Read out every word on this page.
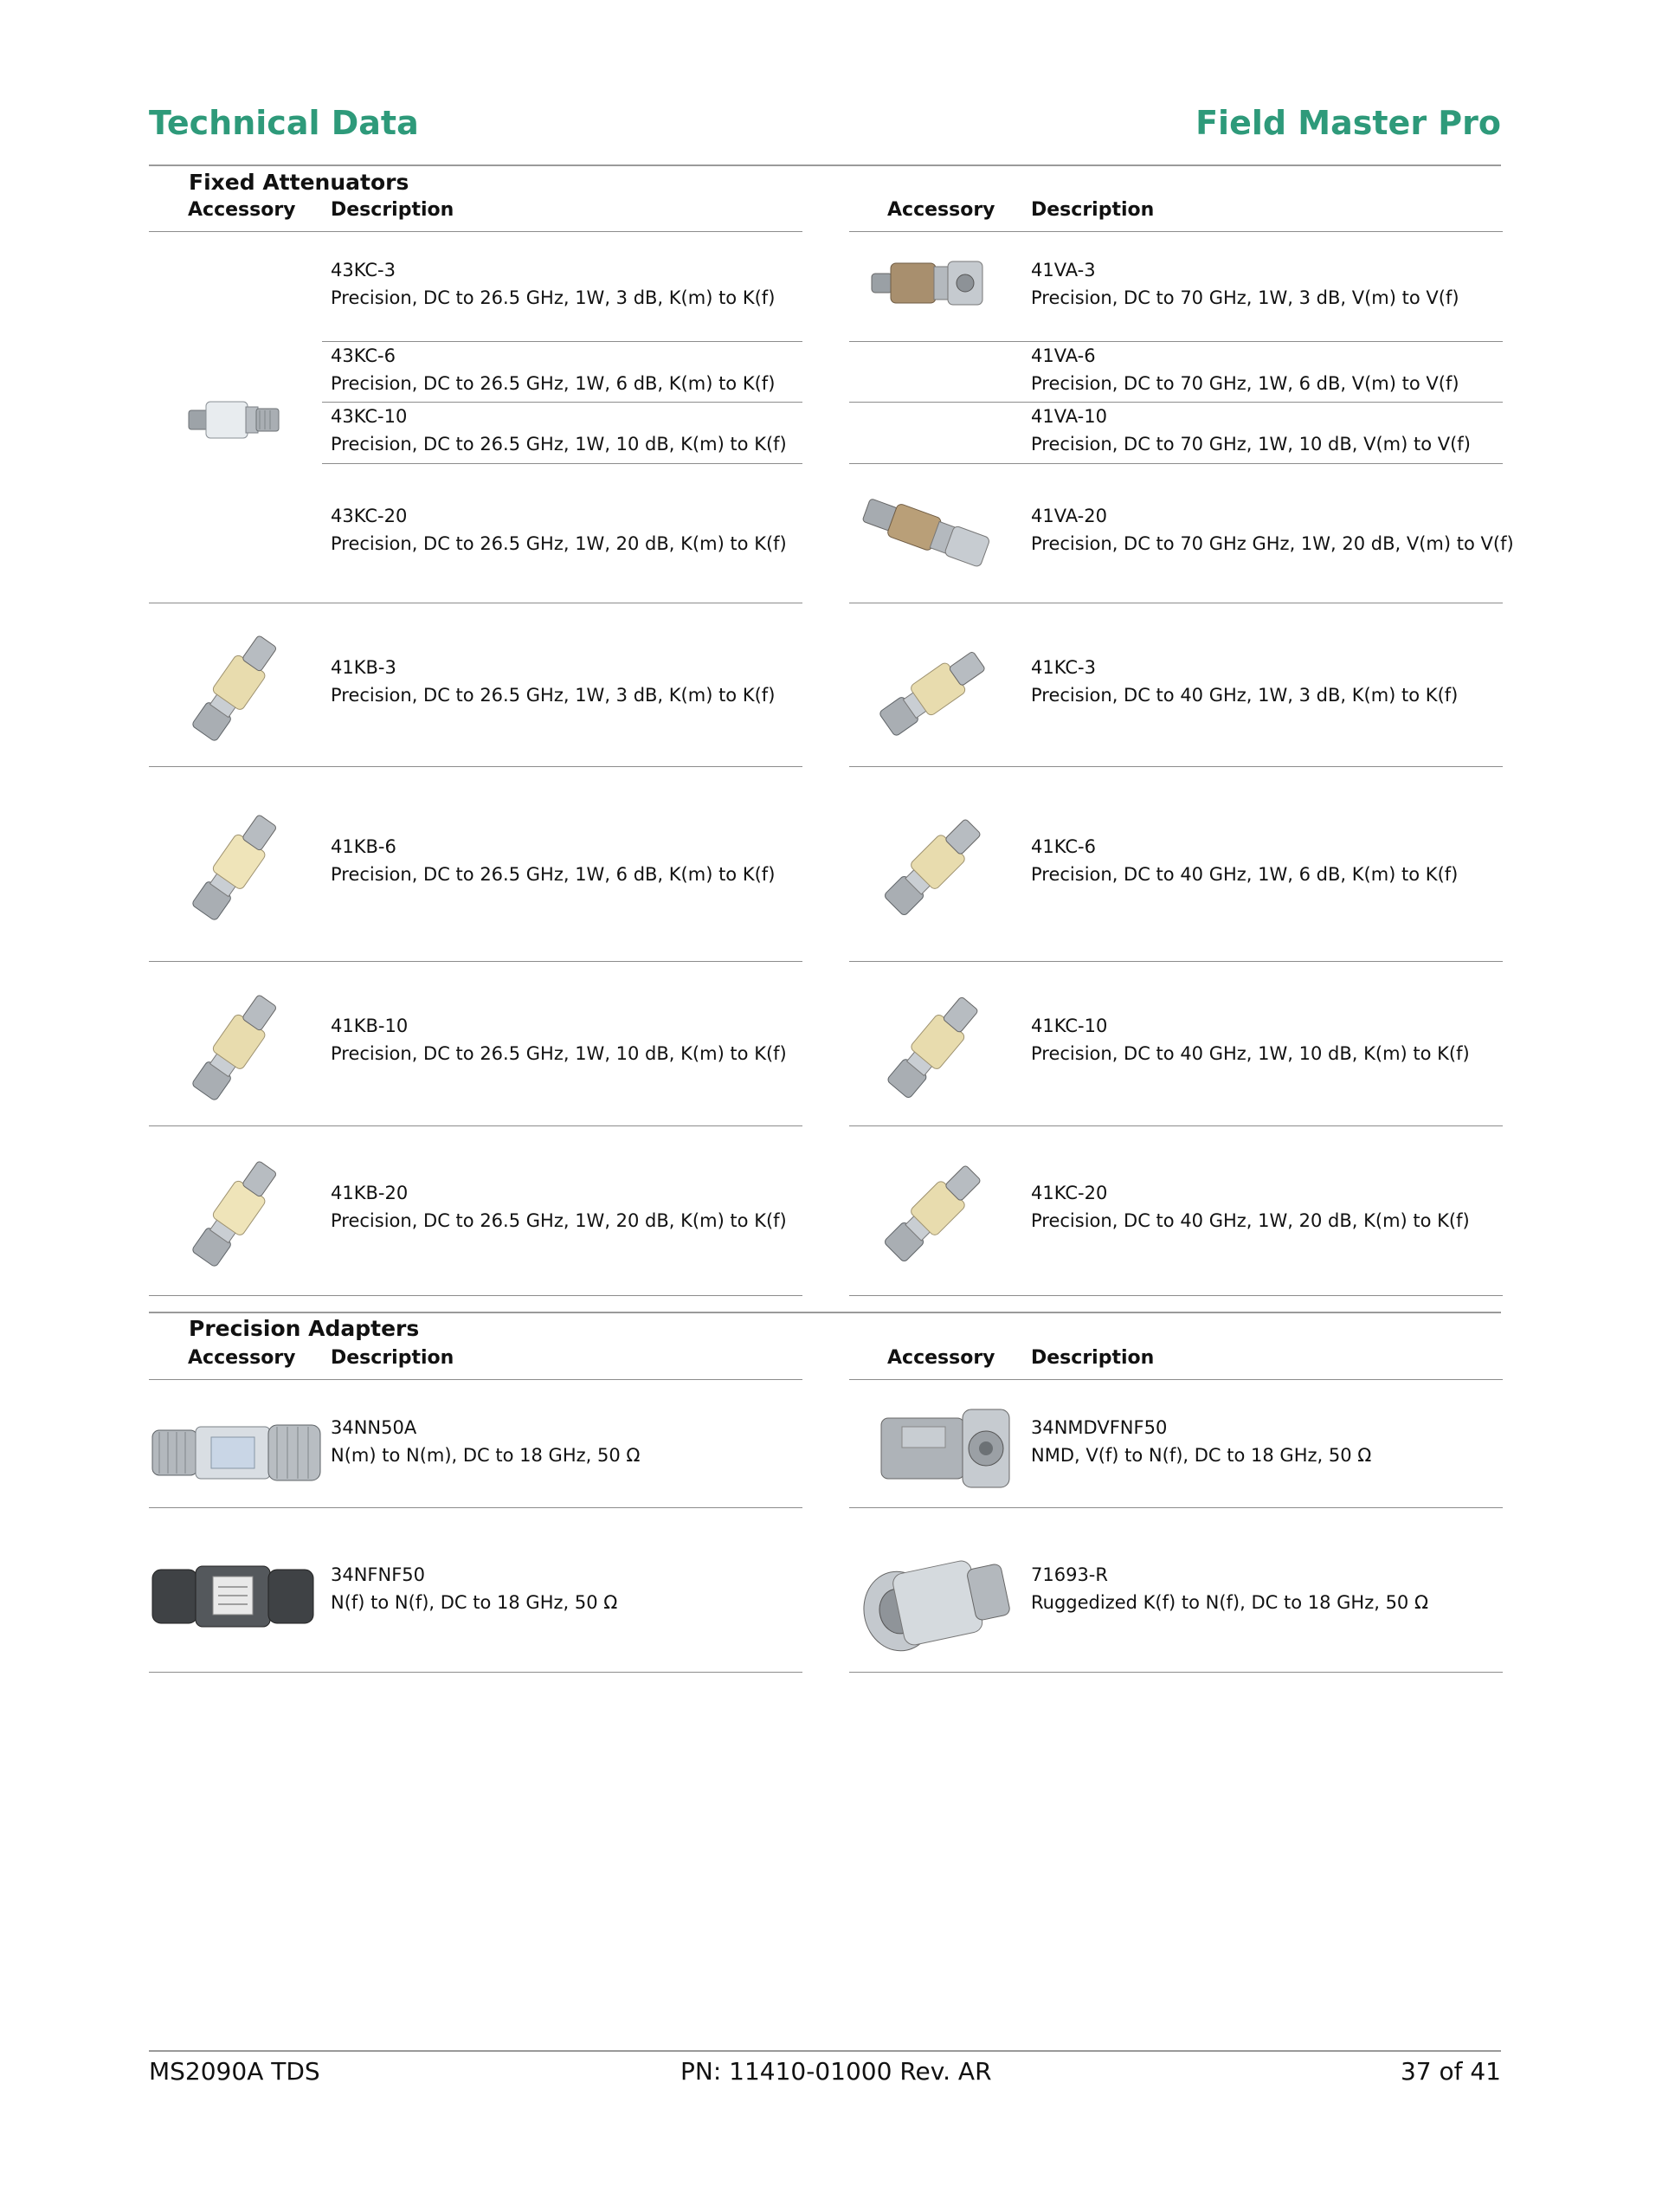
Technical Data	Field Master Pro
Fixed Attenuators
Accessory Description	Accessory Description
43KC-3
Precision, DC to 26.5 GHz, 1W, 3 dB, K(m) to K(f)
43KC-6
Precision, DC to 26.5 GHz, 1W, 6 dB, K(m) to K(f)
43KC-10
Precision, DC to 26.5 GHz, 1W, 10 dB, K(m) to K(f)
43KC-20
Precision, DC to 26.5 GHz, 1W, 20 dB, K(m) to K(f)
41KB-3
Precision, DC to 26.5 GHz, 1W, 3 dB, K(m) to K(f)
41KB-6
Precision, DC to 26.5 GHz, 1W, 6 dB, K(m) to K(f)
41KB-10
Precision, DC to 26.5 GHz, 1W, 10 dB, K(m) to K(f)
41KB-20
Precision, DC to 26.5 GHz, 1W, 20 dB, K(m) to K(f)
41VA-3
Precision, DC to 70 GHz, 1W, 3 dB, V(m) to V(f)
41VA-6
Precision, DC to 70 GHz, 1W, 6 dB, V(m) to V(f)
41VA-10
Precision, DC to 70 GHz, 1W, 10 dB, V(m) to V(f)
41VA-20
Precision, DC to 70 GHz GHz, 1W, 20 dB, V(m) to V(f)
41KC-3
Precision, DC to 40 GHz, 1W, 3 dB, K(m) to K(f)
41KC-6
Precision, DC to 40 GHz, 1W, 6 dB, K(m) to K(f)
41KC-10
Precision, DC to 40 GHz, 1W, 10 dB, K(m) to K(f)
41KC-20
Precision, DC to 40 GHz, 1W, 20 dB, K(m) to K(f)
Precision Adapters
Accessory Description	Accessory Description
34NN50A
N(m) to N(m), DC to 18 GHz, 50 Ω
34NFNF50
N(f) to N(f), DC to 18 GHz, 50 Ω
34NMDVFNF50
NMD, V(f) to N(f), DC to 18 GHz, 50 Ω
71693-R
Ruggedized K(f) to N(f), DC to 18 GHz, 50 Ω
MS2090A TDS	PN: 11410-01000 Rev. AR	37 of 41
